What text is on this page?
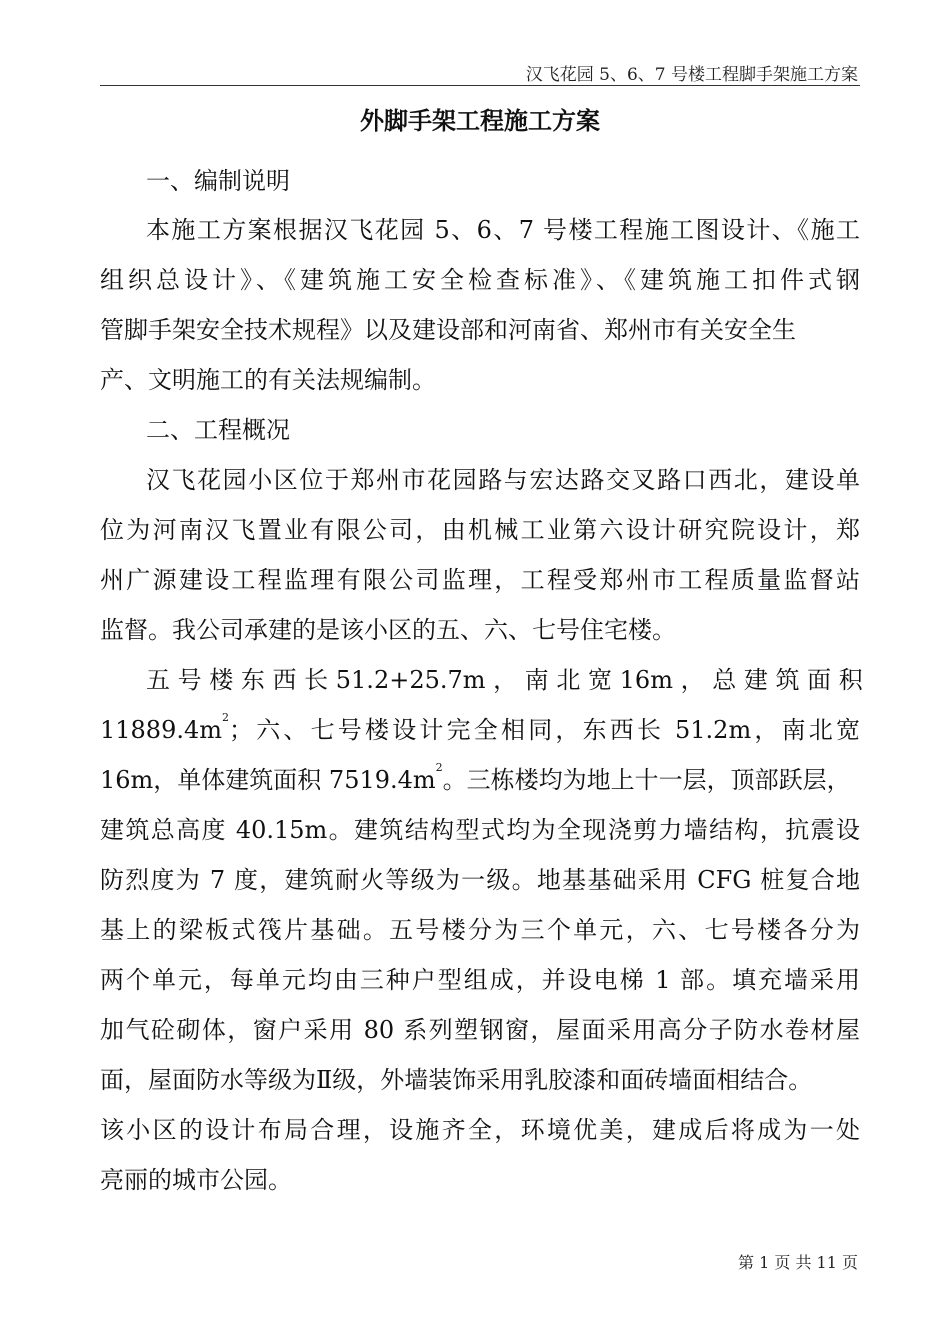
汉飞花园 5、6、7 号楼工程脚手架施工方案
外脚手架工程施工方案
一、编制说明
本施工方案根据汉飞花园 5、6、7 号楼工程施工图设计、《施工
组织总设计》、《建筑施工安全检查标准》、《建筑施工扣件式钢
管脚手架安全技术规程》以及建设部和河南省、郑州市有关安全生
产、文明施工的有关法规编制。
二、工程概况
汉飞花园小区位于郑州市花园路与宏达路交叉路口西北，建设单
位为河南汉飞置业有限公司，由机械工业第六设计研究院设计，郑
州广源建设工程监理有限公司监理，工程受郑州市工程质量监督站
监督。我公司承建的是该小区的五、六、七号住宅楼。
五 号 楼 东 西 长 51.2+25.7m ， 南 北 宽 16m ， 总 建 筑 面 积
$11889.4m^2$；六、七号楼设计完全相同，东西长 51.2m，南北宽
16m，单体建筑面积 $7519.4m^2$。三栋楼均为地上十一层，顶部跃层，
建筑总高度 40.15m。建筑结构型式均为全现浇剪力墙结构，抗震设
防烈度为 7 度，建筑耐火等级为一级。地基基础采用 CFG 桩复合地
基上的梁板式筏片基础。五号楼分为三个单元，六、七号楼各分为
两个单元，每单元均由三种户型组成，并设电梯 1 部。填充墙采用
加气砼砌体，窗户采用 80 系列塑钢窗，屋面采用高分子防水卷材屋
面，屋面防水等级为Ⅱ级，外墙装饰采用乳胶漆和面砖墙面相结合。
该小区的设计布局合理，设施齐全，环境优美，建成后将成为一处
亮丽的城市公园。
第 1 页 共 11 页
